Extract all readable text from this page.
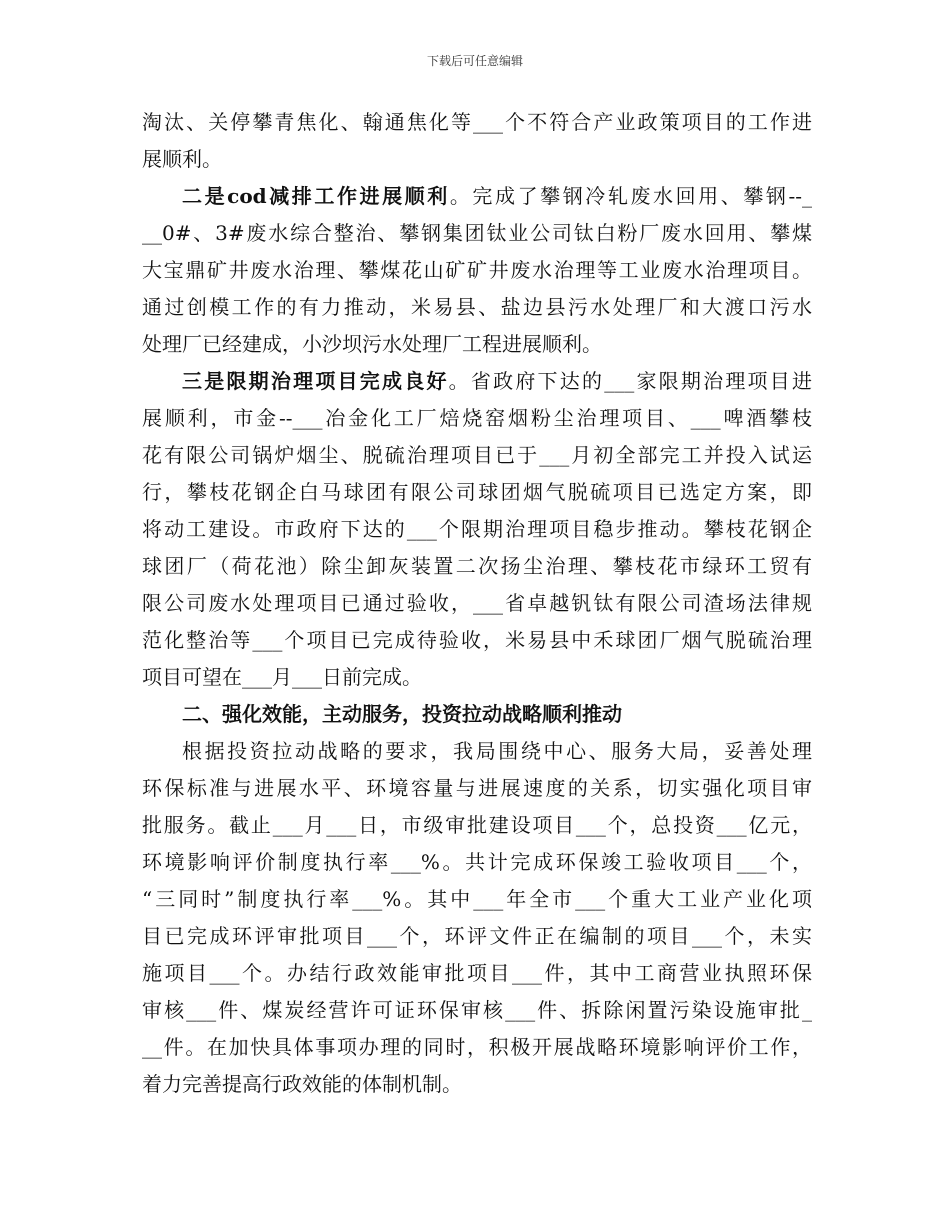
下载后可任意编辑
淘汰、关停攀青焦化、翰通焦化等___个不符合产业政策项目的工作进
展顺利。
二是cod减排工作进展顺利。完成了攀钢冷轧废水回用、攀钢--_
__0#、3#废水综合整治、攀钢集团钛业公司钛白粉厂废水回用、攀煤
大宝鼎矿井废水治理、攀煤花山矿矿井废水治理等工业废水治理项目。
通过创模工作的有力推动，米易县、盐边县污水处理厂和大渡口污水
处理厂已经建成，小沙坝污水处理厂工程进展顺利。
三是限期治理项目完成良好。省政府下达的___家限期治理项目进
展顺利，市金--___冶金化工厂焙烧窑烟粉尘治理项目、___啤酒攀枝
花有限公司锅炉烟尘、脱硫治理项目已于___月初全部完工并投入试运
行，攀枝花钢企白马球团有限公司球团烟气脱硫项目已选定方案，即
将动工建设。市政府下达的___个限期治理项目稳步推动。攀枝花钢企
球团厂（荷花池）除尘卸灰装置二次扬尘治理、攀枝花市绿环工贸有
限公司废水处理项目已通过验收，___省卓越钒钛有限公司渣场法律规
范化整治等___个项目已完成待验收，米易县中禾球团厂烟气脱硫治理
项目可望在___月___日前完成。
二、强化效能，主动服务，投资拉动战略顺利推动
根据投资拉动战略的要求，我局围绕中心、服务大局，妥善处理
环保标准与进展水平、环境容量与进展速度的关系，切实强化项目审
批服务。截止___月___日，市级审批建设项目___个，总投资___亿元，
环境影响评价制度执行率___%。共计完成环保竣工验收项目___个，
“三同时”制度执行率___%。其中___年全市___个重大工业产业化项
目已完成环评审批项目___个，环评文件正在编制的项目___个，未实
施项目___个。办结行政效能审批项目___件，其中工商营业执照环保
审核___件、煤炭经营许可证环保审核___件、拆除闲置污染设施审批_
__件。在加快具体事项办理的同时，积极开展战略环境影响评价工作，
着力完善提高行政效能的体制机制。
